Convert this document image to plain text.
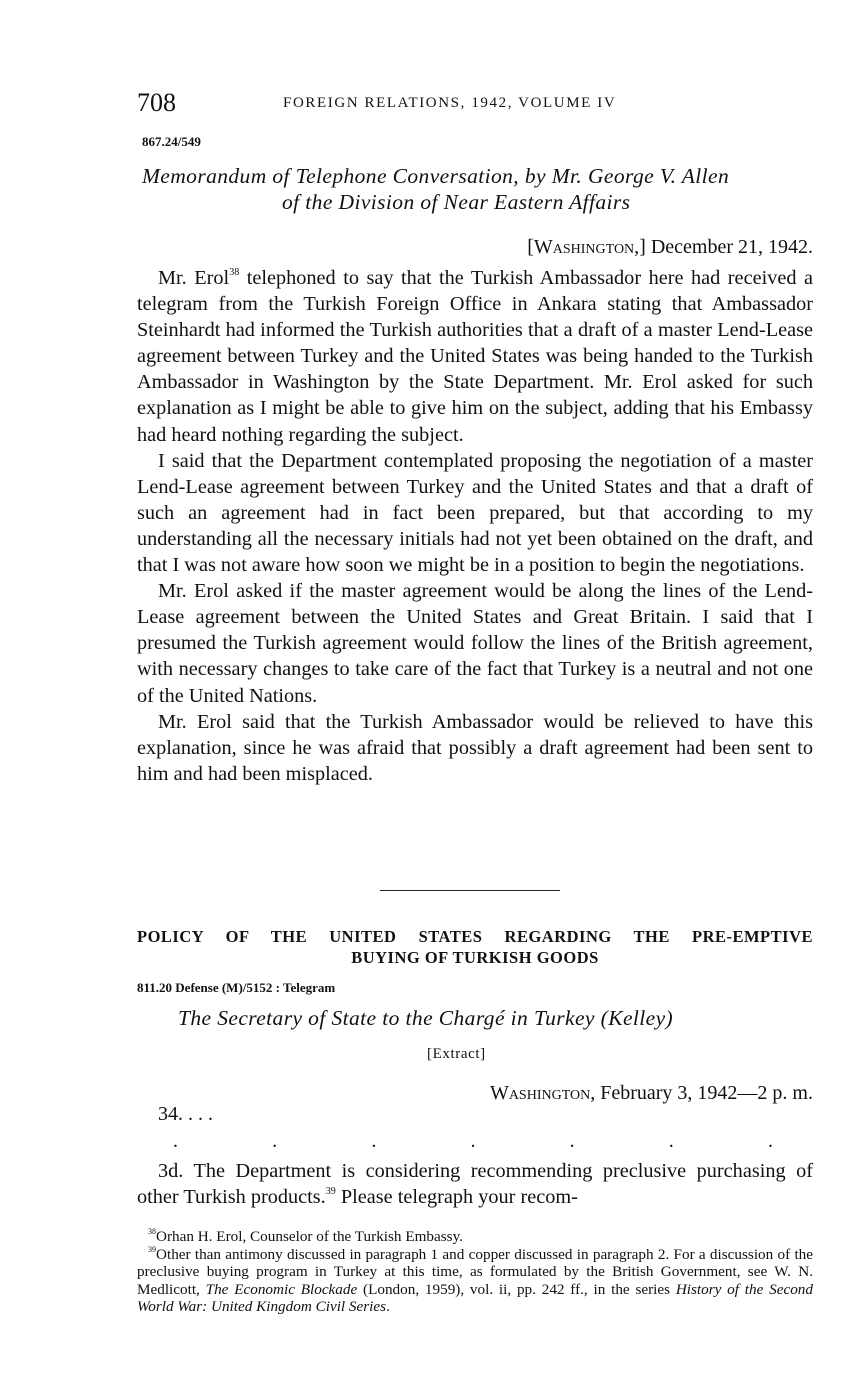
708	FOREIGN RELATIONS, 1942, VOLUME IV
867.24/549
Memorandum of Telephone Conversation, by Mr. George V. Allen
of the Division of Near Eastern Affairs
[Washington,] December 21, 1942.

Mr. Erol$^{38}$ telephoned to say that the Turkish Ambassador here had received a telegram from the Turkish Foreign Office in Ankara stating that Ambassador Steinhardt had informed the Turkish authorities that a draft of a master Lend-Lease agreement between Turkey and the United States was being handed to the Turkish Ambassador in Washington by the State Department. Mr. Erol asked for such explanation as I might be able to give him on the subject, adding that his Embassy had heard nothing regarding the subject.

I said that the Department contemplated proposing the negotiation of a master Lend-Lease agreement between Turkey and the United States and that a draft of such an agreement had in fact been prepared, but that according to my understanding all the necessary initials had not yet been obtained on the draft, and that I was not aware how soon we might be in a position to begin the negotiations.

Mr. Erol asked if the master agreement would be along the lines of the Lend-Lease agreement between the United States and Great Britain. I said that I presumed the Turkish agreement would follow the lines of the British agreement, with necessary changes to take care of the fact that Turkey is a neutral and not one of the United Nations.

Mr. Erol said that the Turkish Ambassador would be relieved to have this explanation, since he was afraid that possibly a draft agreement had been sent to him and had been misplaced.

POLICY OF THE UNITED STATES REGARDING THE PRE-EMPTIVE
BUYING OF TURKISH GOODS
811.20 Defense (M)/5152 : Telegram
The Secretary of State to the Chargé in Turkey (Kelley)
[Extract]
Washington, February 3, 1942—2 p. m.
34. . . .
.	.	.	.	.	.	.

3d. The Department is considering recommending preclusive purchasing of other Turkish products.$^{39}$ Please telegraph your recom-

$^{38}$Orhan H. Erol, Counselor of the Turkish Embassy.

$^{39}$Other than antimony discussed in paragraph 1 and copper discussed in paragraph 2. For a discussion of the preclusive buying program in Turkey at this time, as formulated by the British Government, see W. N. Medlicott, The Economic Blockade (London, 1959), vol. ii, pp. 242 ff., in the series History of the Second World War: United Kingdom Civil Series.
